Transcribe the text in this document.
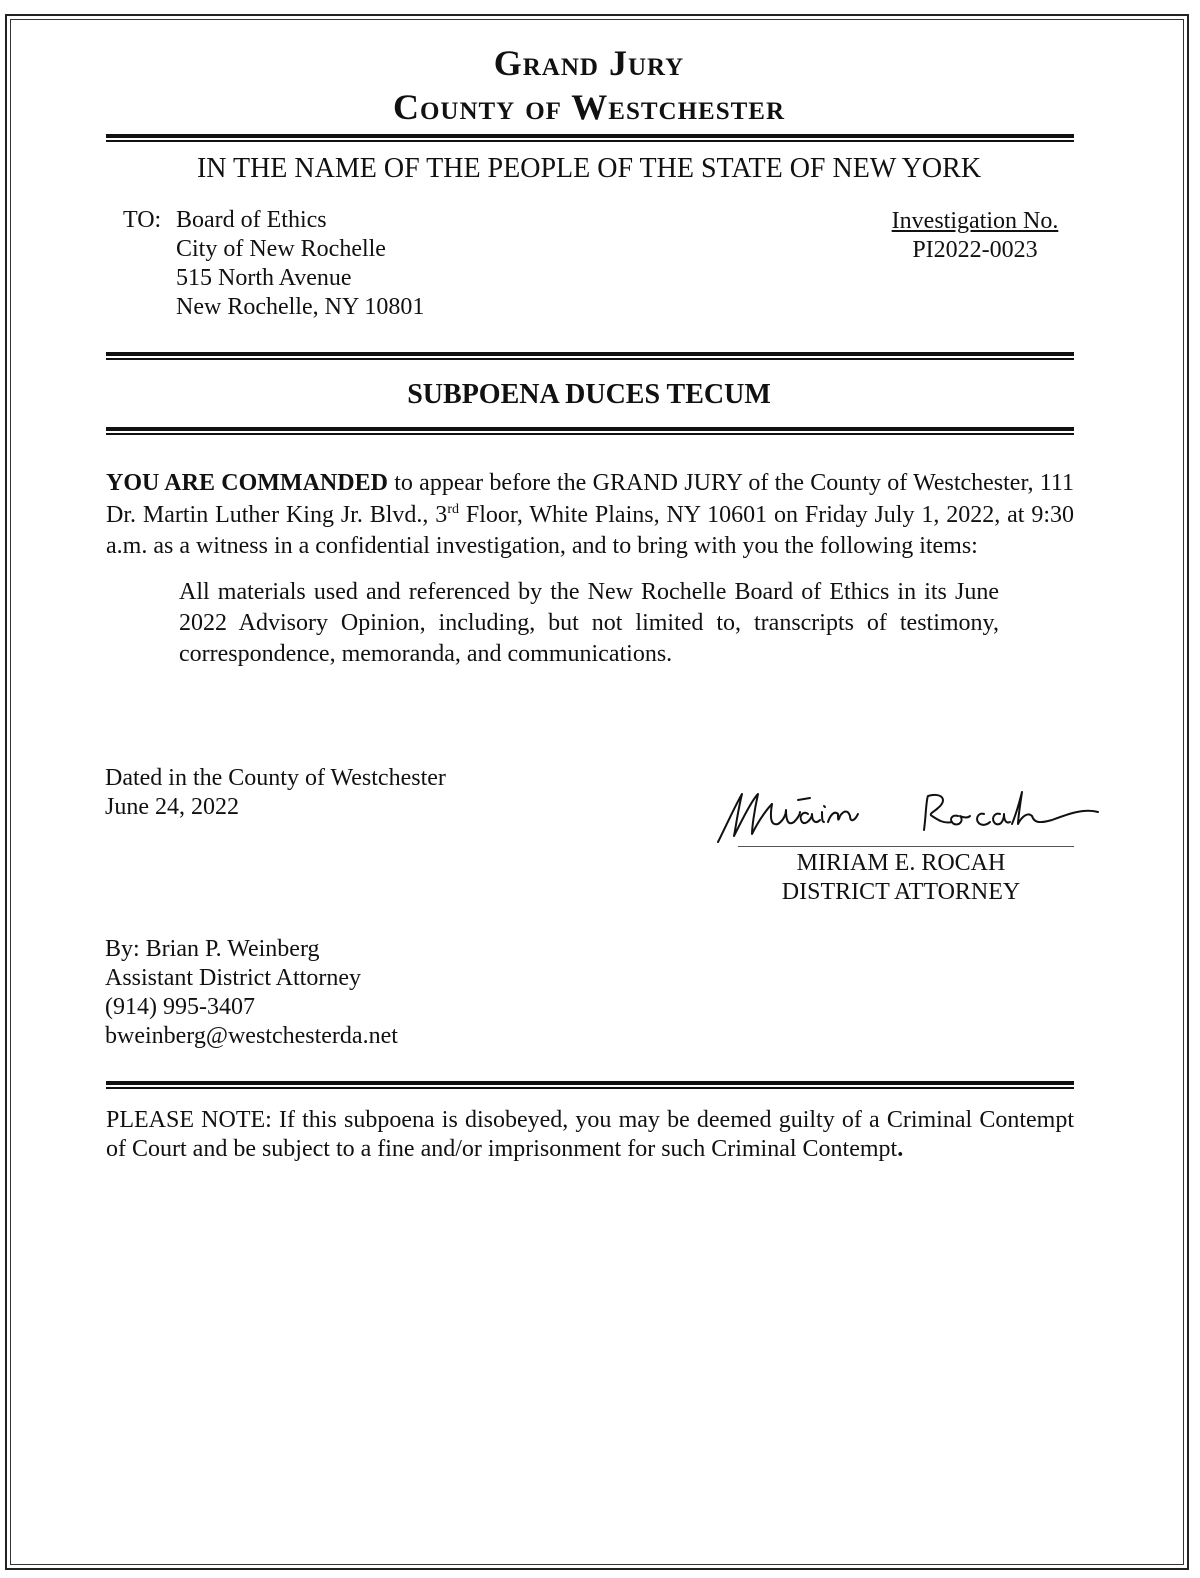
Grand Jury
County of Westchester
IN THE NAME OF THE PEOPLE OF THE STATE OF NEW YORK
TO: Board of Ethics
City of New Rochelle
515 North Avenue
New Rochelle, NY 10801
Investigation No.
PI2022-0023
SUBPOENA DUCES TECUM
YOU ARE COMMANDED to appear before the GRAND JURY of the County of Westchester, 111 Dr. Martin Luther King Jr. Blvd., 3rd Floor, White Plains, NY 10601 on Friday July 1, 2022, at 9:30 a.m. as a witness in a confidential investigation, and to bring with you the following items:
All materials used and referenced by the New Rochelle Board of Ethics in its June 2022 Advisory Opinion, including, but not limited to, transcripts of testimony, correspondence, memoranda, and communications.
Dated in the County of Westchester
June 24, 2022
MIRIAM E. ROCAH
DISTRICT ATTORNEY
By: Brian P. Weinberg
Assistant District Attorney
(914) 995-3407
bweinberg@westchesterda.net
PLEASE NOTE: If this subpoena is disobeyed, you may be deemed guilty of a Criminal Contempt of Court and be subject to a fine and/or imprisonment for such Criminal Contempt.
